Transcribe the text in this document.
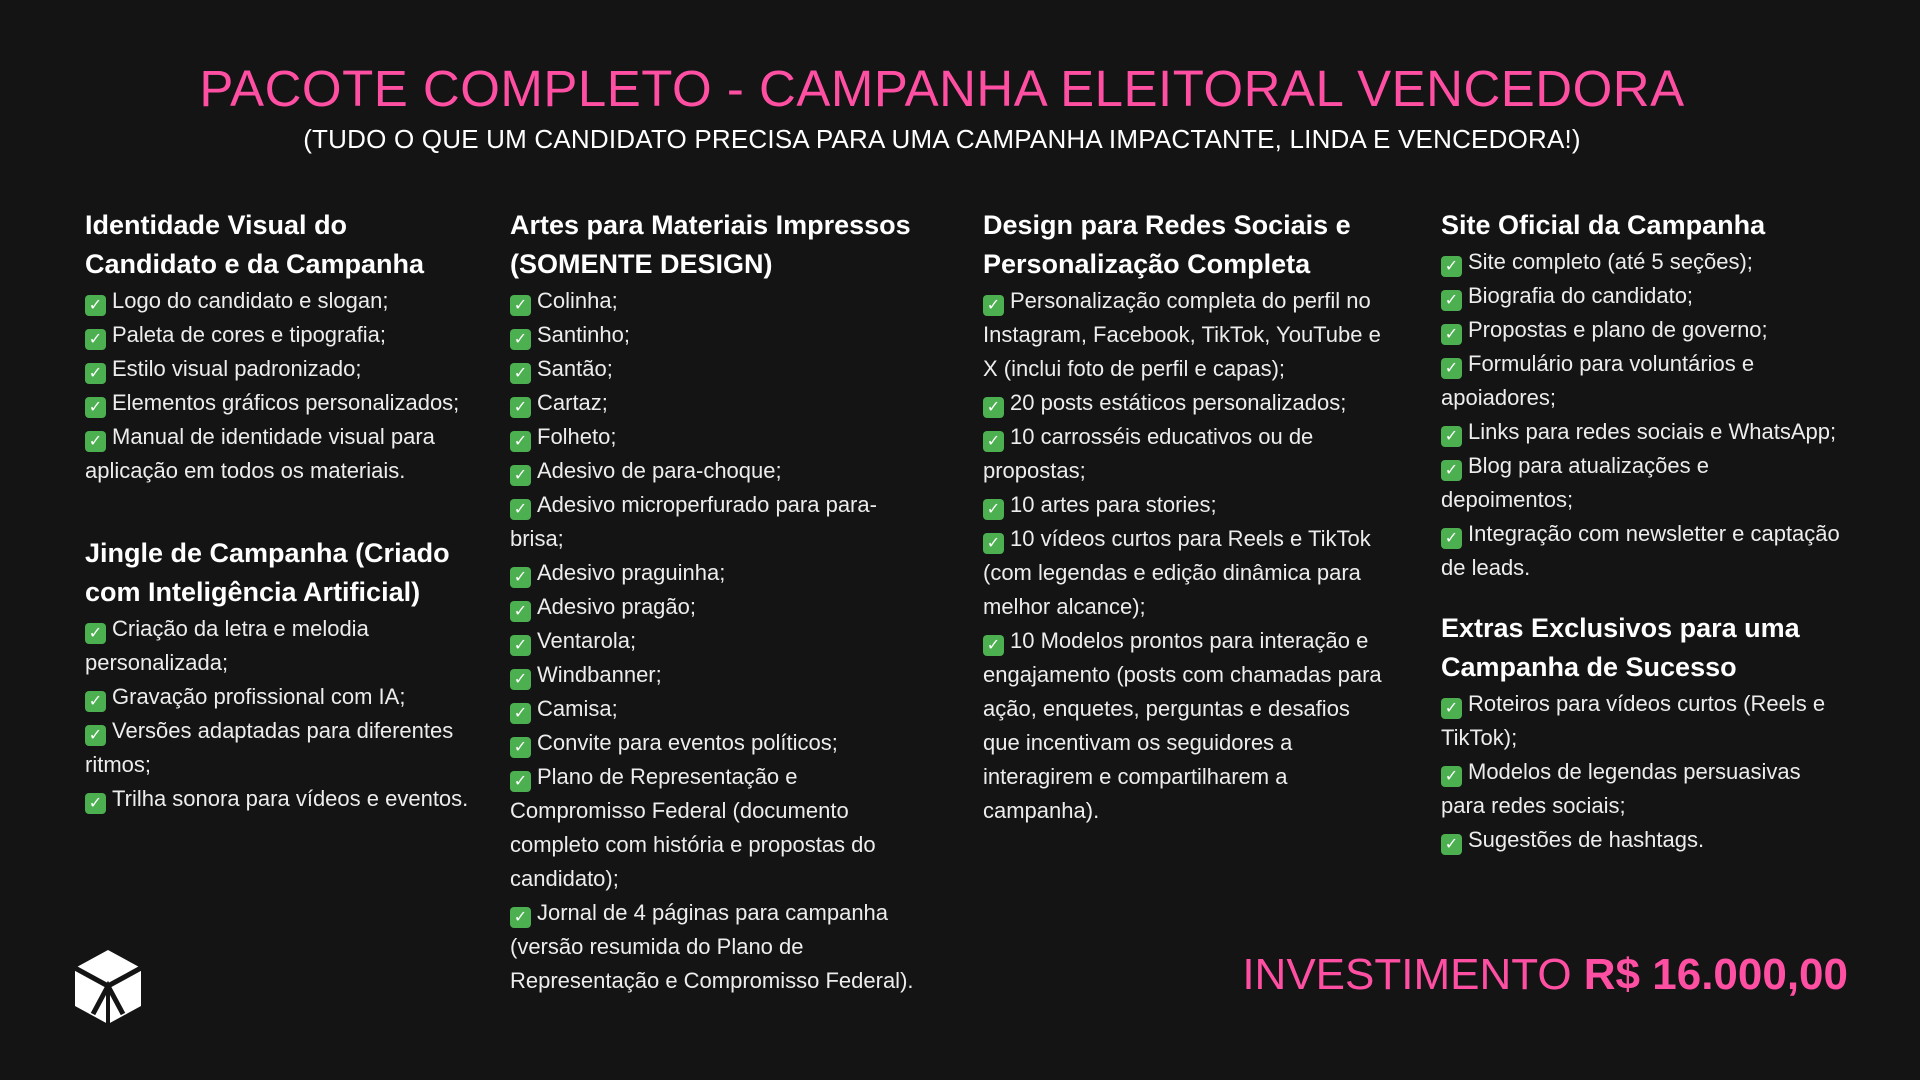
PACOTE COMPLETO - CAMPANHA ELEITORAL VENCEDORA
(TUDO O QUE UM CANDIDATO PRECISA PARA UMA CAMPANHA IMPACTANTE, LINDA E VENCEDORA!)
Identidade Visual do Candidato e da Campanha
✓ Logo do candidato e slogan;
✓ Paleta de cores e tipografia;
✓ Estilo visual padronizado;
✓ Elementos gráficos personalizados;
✓ Manual de identidade visual para aplicação em todos os materiais.
Jingle de Campanha (Criado com Inteligência Artificial)
✓ Criação da letra e melodia personalizada;
✓ Gravação profissional com IA;
✓ Versões adaptadas para diferentes ritmos;
✓ Trilha sonora para vídeos e eventos.
Artes para Materiais Impressos (SOMENTE DESIGN)
✓ Colinha;
✓ Santinho;
✓ Santão;
✓ Cartaz;
✓ Folheto;
✓ Adesivo de para-choque;
✓ Adesivo microperfurado para para-brisa;
✓ Adesivo praguinha;
✓ Adesivo pragão;
✓ Ventarola;
✓ Windbanner;
✓ Camisa;
✓ Convite para eventos políticos;
✓ Plano de Representação e Compromisso Federal (documento completo com história e propostas do candidato);
✓ Jornal de 4 páginas para campanha (versão resumida do Plano de Representação e Compromisso Federal).
Design para Redes Sociais e Personalização Completa
✓ Personalização completa do perfil no Instagram, Facebook, TikTok, YouTube e X (inclui foto de perfil e capas);
✓ 20 posts estáticos personalizados;
✓ 10 carrosséis educativos ou de propostas;
✓ 10 artes para stories;
✓ 10 vídeos curtos para Reels e TikTok (com legendas e edição dinâmica para melhor alcance);
✓ 10 Modelos prontos para interação e engajamento (posts com chamadas para ação, enquetes, perguntas e desafios que incentivam os seguidores a interagirem e compartilharem a campanha).
Site Oficial da Campanha
✓ Site completo (até 5 seções);
✓ Biografia do candidato;
✓ Propostas e plano de governo;
✓ Formulário para voluntários e apoiadores;
✓ Links para redes sociais e WhatsApp;
✓ Blog para atualizações e depoimentos;
✓ Integração com newsletter e captação de leads.
Extras Exclusivos para uma Campanha de Sucesso
✓ Roteiros para vídeos curtos (Reels e TikTok);
✓ Modelos de legendas persuasivas para redes sociais;
✓ Sugestões de hashtags.
INVESTIMENTO R$ 16.000,00
